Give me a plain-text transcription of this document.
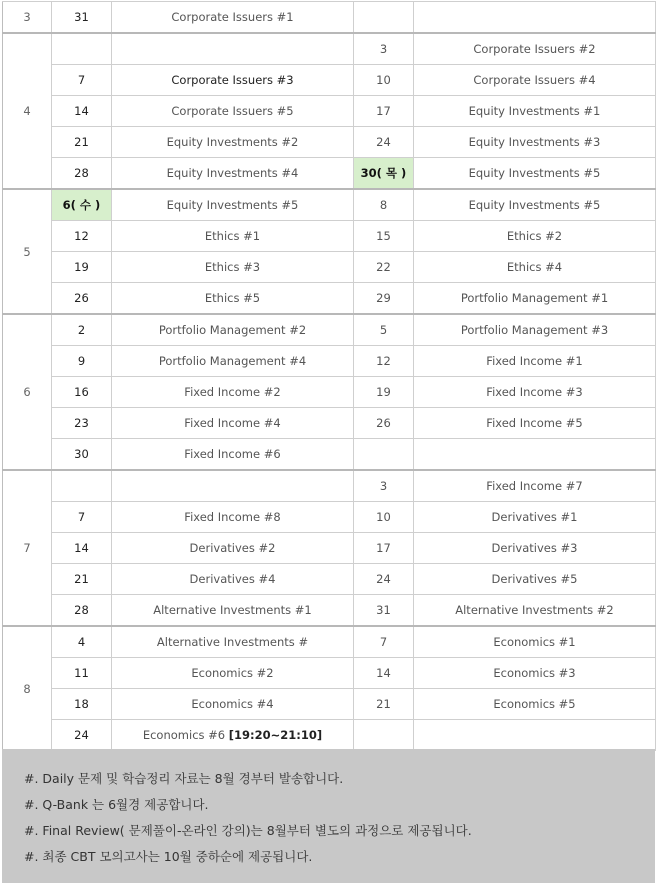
3	31	Corporate Issuers #1		
4			3	Corporate Issuers #2
	7	Corporate Issuers #3	10	Corporate Issuers #4
	14	Corporate Issuers #5	17	Equity Investments #1
	21	Equity Investments #2	24	Equity Investments #3
	28	Equity Investments #4	30( 목 )	Equity Investments #5
5	6( 수 )	Equity Investments #5	8	Equity Investments #5
	12	Ethics #1	15	Ethics #2
	19	Ethics #3	22	Ethics #4
	26	Ethics #5	29	Portfolio Management #1
6	2	Portfolio Management #2	5	Portfolio Management #3
	9	Portfolio Management #4	12	Fixed Income #1
	16	Fixed Income #2	19	Fixed Income #3
	23	Fixed Income #4	26	Fixed Income #5
	30	Fixed Income #6		
7			3	Fixed Income #7
	7	Fixed Income #8	10	Derivatives #1
	14	Derivatives #2	17	Derivatives #3
	21	Derivatives #4	24	Derivatives #5
	28	Alternative Investments #1	31	Alternative Investments #2
8	4	Alternative Investments #	7	Economics #1
	11	Economics #2	14	Economics #3
	18	Economics #4	21	Economics #5
	24	Economics #6 [19:20~21:10]		
#. Daily 문제 및 학습정리 자료는 8월 경부터 발송합니다.
#. Q-Bank 는 6월경 제공합니다.
#. Final Review( 문제풀이-온라인 강의)는 8월부터 별도의 과정으로 제공됩니다.
#. 최종 CBT 모의고사는 10월 중하순에 제공됩니다.
